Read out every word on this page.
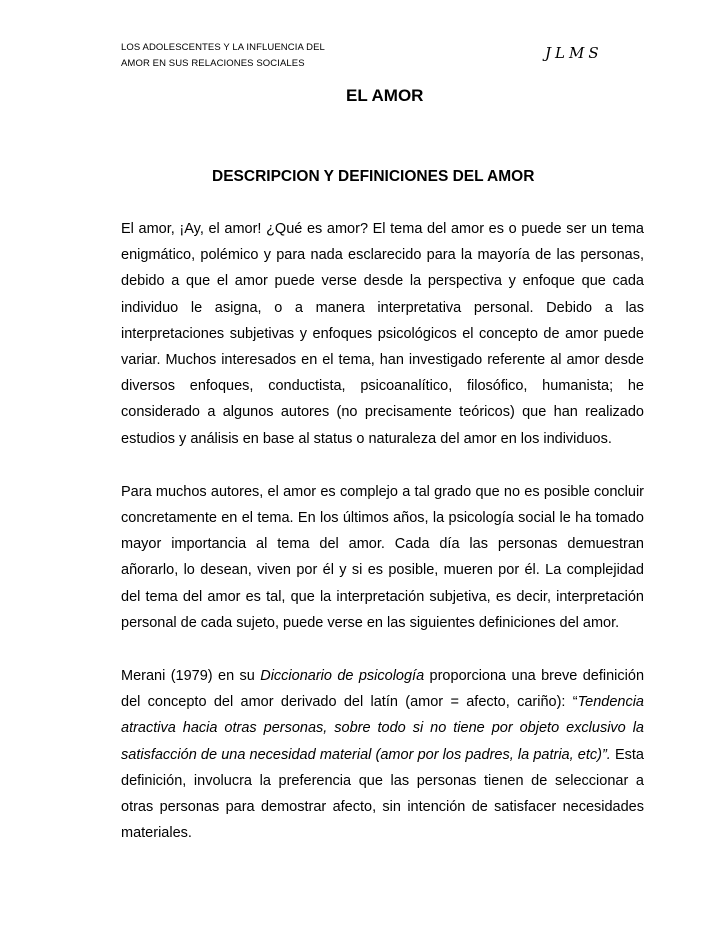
LOS ADOLESCENTES Y LA INFLUENCIA DEL
AMOR EN SUS RELACIONES SOCIALES
JLMS
EL AMOR
DESCRIPCION Y DEFINICIONES DEL AMOR

El amor, ¡Ay, el amor! ¿Qué es amor? El tema del amor es o puede ser un tema enigmático, polémico y para nada esclarecido para la mayoría de las personas, debido a que el amor puede verse desde la perspectiva y enfoque que cada individuo le asigna, o a manera interpretativa personal. Debido a las interpretaciones subjetivas y enfoques psicológicos el concepto de amor puede variar. Muchos interesados en el tema, han investigado referente al amor desde diversos enfoques, conductista, psicoanalítico, filosófico, humanista; he considerado a algunos autores (no precisamente teóricos) que han realizado estudios y análisis en base al status o naturaleza del amor en los individuos.

Para muchos autores, el amor es complejo a tal grado que no es posible concluir concretamente en el tema. En los últimos años, la psicología social le ha tomado mayor importancia al tema del amor. Cada día las personas demuestran añorarlo, lo desean, viven por él y si es posible, mueren por él. La complejidad del tema del amor es tal, que la interpretación subjetiva, es decir, interpretación personal de cada sujeto, puede verse en las siguientes definiciones del amor.

Merani (1979) en su Diccionario de psicología proporciona una breve definición del concepto del amor derivado del latín (amor = afecto, cariño): “Tendencia atractiva hacia otras personas, sobre todo si no tiene por objeto exclusivo la satisfacción de una necesidad material (amor por los padres, la patria, etc)”. Esta definición, involucra la preferencia que las personas tienen de seleccionar a otras personas para demostrar afecto, sin intención de satisfacer necesidades materiales.
